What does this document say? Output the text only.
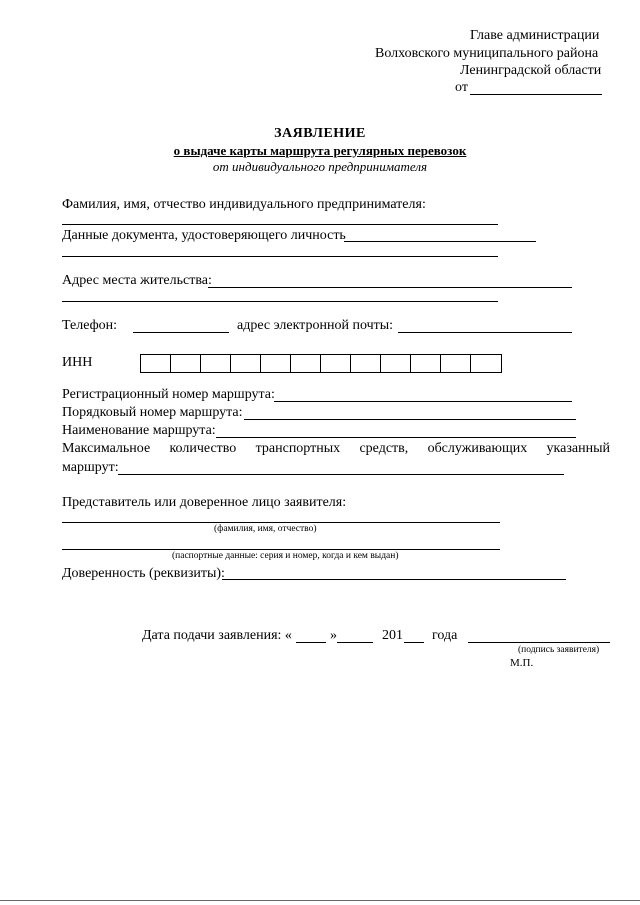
Главе администрации
Волховского муниципального района
Ленинградской области
от
ЗАЯВЛЕНИЕ
о выдаче карты маршрута регулярных перевозок
от индивидуального предпринимателя
Фамилия, имя, отчество индивидуального предпринимателя:
Данные документа, удостоверяющего личность
Адрес места жительства:
Телефон:	адрес электронной почты:
ИНН
Регистрационный номер маршрута:
Порядковый номер маршрута:
Наименование маршрута:
Максимальное количество транспортных средств, обслуживающих указанный
маршрут:
Представитель или доверенное лицо заявителя:
(фамилия, имя, отчество)
(паспортные данные: серия и номер, когда и кем выдан)
Доверенность (реквизиты):
Дата подачи заявления: «	»	201 года
(подпись заявителя)
М.П.
